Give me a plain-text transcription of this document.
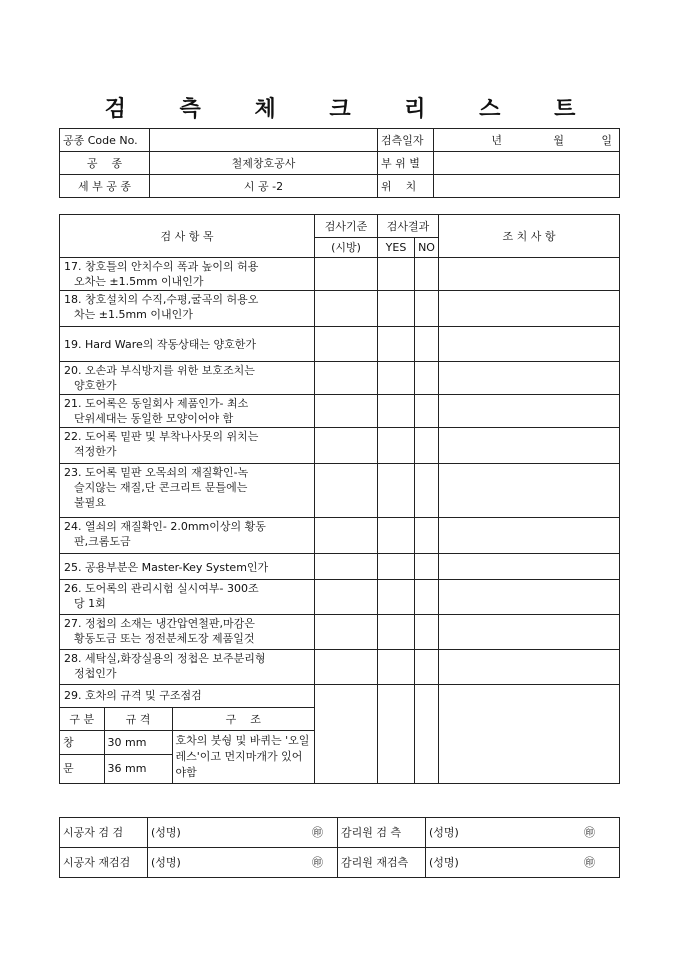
검 측 체 크 리 스 트
공종 Code No.		검측일자	년 월 일

공    종	철제창호공사	부 위 별	
세 부 공 종	시 공 -2	위    치	
검 사 항 목	검사기준	검사결과	조 치 사 항
(시방)	YES	NO
17. 창호틀의 안치수의 폭과 높이의 허용
오차는 ±1.5mm 이내인가

18. 창호설치의 수직,수평,굴곡의 허용오
차는 ±1.5mm 이내인가

19. Hard Ware의 작동상태는 양호한가				
20. 오손과 부식방지를 위한 보호조치는
양호한가

21. 도어록은 동일회사 제품인가- 최소
단위세대는 동일한 모양이어야 함

22. 도어록 밑판 및 부착나사못의 위치는
적정한가

23. 도어록 밑판 오목쇠의 재질확인-녹
슬지않는 재질,단 콘크리트 문틀에는
불필요

24. 열쇠의 재질확인- 2.0mm이상의 황동
판,크롬도금

25. 공용부분은 Master-Key System인가				
26. 도어록의 관리시험 실시여부- 300조
당 1회

27. 정첩의 소재는 냉간압연철판,마감은
황동도금 또는 정전분체도장 제품일것

28. 세탁실,화장실용의 정첩은 보주분리형
정첩인가

29. 호차의 규격 및 구조점검
구 분	규 격	구    조
창	30 mm	호차의 붓쉉 및 바퀴는 '오일레스'이고 먼지마개가 있어야함
문	36 mm

시공자 검 검	(성명)	㊞	감리원 검 측	(성명)	㊞
시공자 재검검	(성명)	㊞	감리원 재검측	(성명)	㊞
